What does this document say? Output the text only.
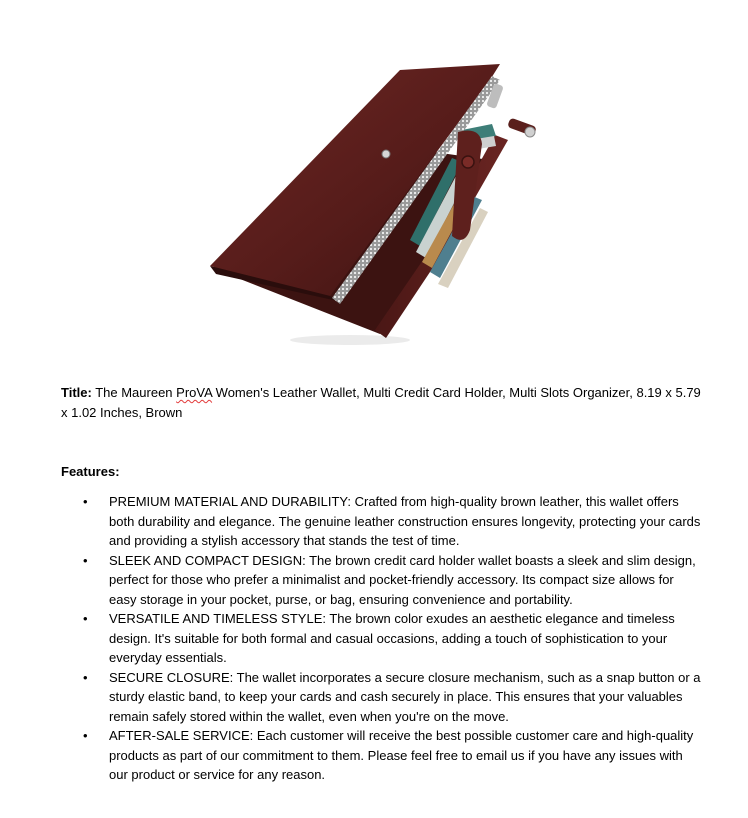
Title: The Maureen ProVA Women's Leather Wallet, Multi Credit Card Holder, Multi Slots Organizer, 8.19 x 5.79 x 1.02 Inches, Brown
Features:
• PREMIUM MATERIAL AND DURABILITY: Crafted from high-quality brown leather, this wallet offers both durability and elegance. The genuine leather construction ensures longevity, protecting your cards and providing a stylish accessory that stands the test of time.
• SLEEK AND COMPACT DESIGN: The brown credit card holder wallet boasts a sleek and slim design, perfect for those who prefer a minimalist and pocket-friendly accessory. Its compact size allows for easy storage in your pocket, purse, or bag, ensuring convenience and portability.
• VERSATILE AND TIMELESS STYLE: The brown color exudes an aesthetic elegance and timeless design. It's suitable for both formal and casual occasions, adding a touch of sophistication to your everyday essentials.
• SECURE CLOSURE: The wallet incorporates a secure closure mechanism, such as a snap button or a sturdy elastic band, to keep your cards and cash securely in place. This ensures that your valuables remain safely stored within the wallet, even when you're on the move.
• AFTER-SALE SERVICE: Each customer will receive the best possible customer care and high-quality products as part of our commitment to them. Please feel free to email us if you have any issues with our product or service for any reason.
